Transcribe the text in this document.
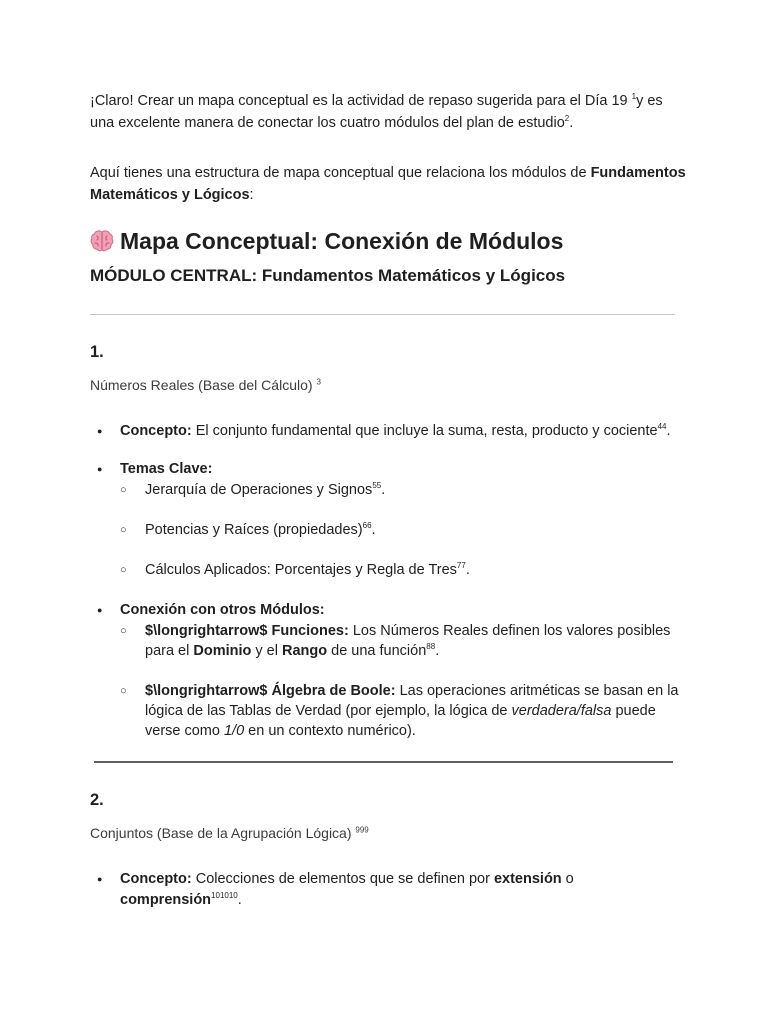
¡Claro! Crear un mapa conceptual es la actividad de repaso sugerida para el Día 19 $^1$y es una excelente manera de conectar los cuatro módulos del plan de estudio$^2$.

Aquí tienes una estructura de mapa conceptual que relaciona los módulos de Fundamentos Matemáticos y Lógicos:

Mapa Conceptual: Conexión de Módulos
MÓDULO CENTRAL: Fundamentos Matemáticos y Lógicos
1.

Números Reales (Base del Cálculo) $^3$

● Concepto: El conjunto fundamental que incluye la suma, resta, producto y cociente$^{44}$.
● Temas Clave:
○ Jerarquía de Operaciones y Signos$^{55}$.
○ Potencias y Raíces (propiedades)$^{66}$.
○ Cálculos Aplicados: Porcentajes y Regla de Tres$^{77}$.
● Conexión con otros Módulos:
○ $\longrightarrow$ Funciones: Los Números Reales definen los valores posibles para el Dominio y el Rango de una función$^{88}$.
○ $\longrightarrow$ Álgebra de Boole: Las operaciones aritméticas se basan en la lógica de las Tablas de Verdad (por ejemplo, la lógica de verdadera/falsa puede verse como 1/0 en un contexto numérico).
2.

Conjuntos (Base de la Agrupación Lógica) $^{999}$

● Concepto: Colecciones de elementos que se definen por extensión o comprensión$^{101010}$.
